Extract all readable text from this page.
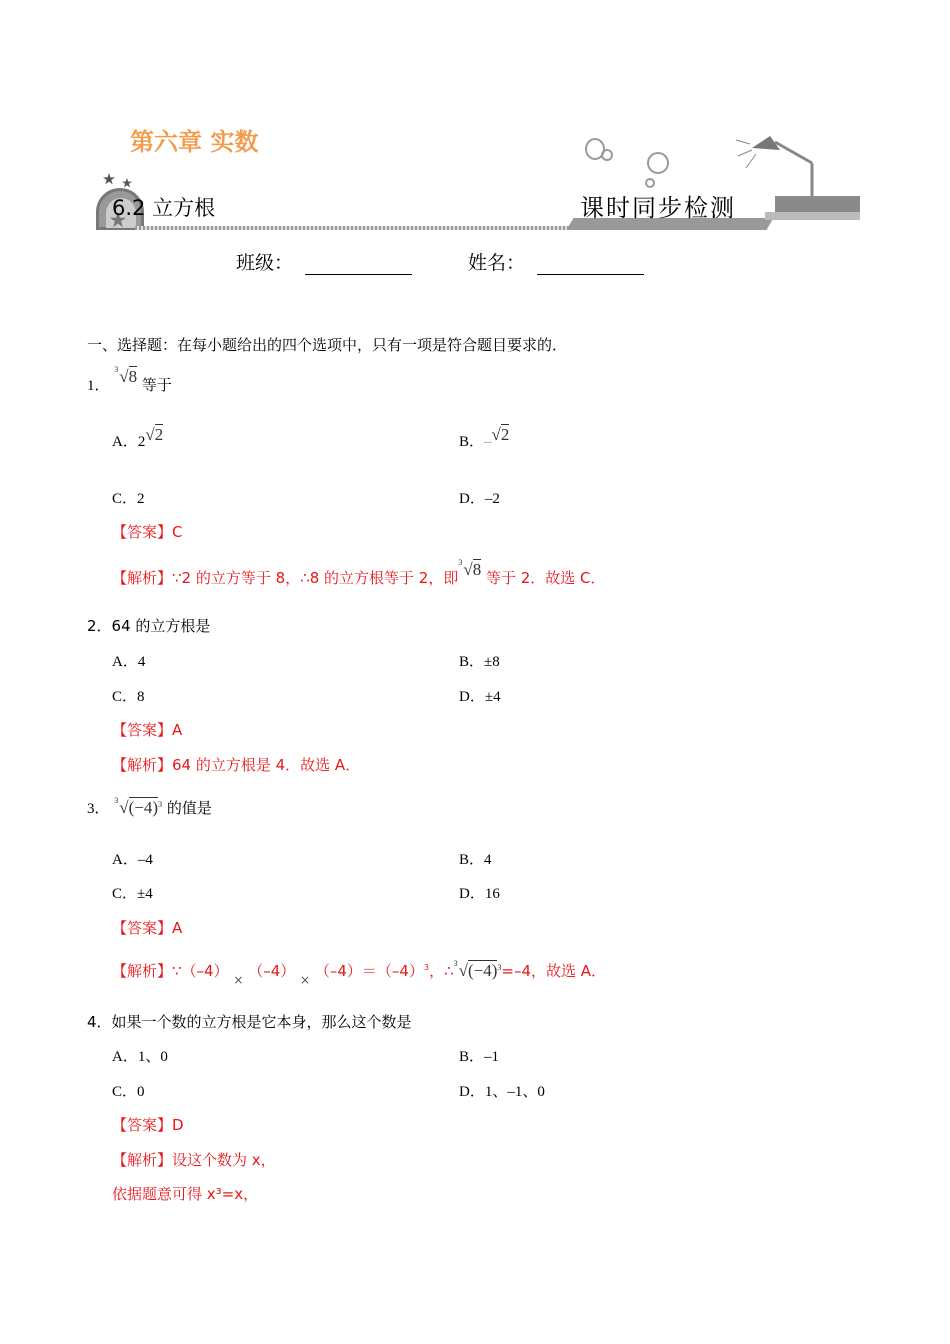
第六章 实数
6.2 立方根	课时同步检测
班级：	姓名：
一、选择题：在每小题给出的四个选项中，只有一项是符合题目要求的．
1． 3√8 等于
A．2√2	B．–√2
C．2	D．–2
【答案】C
【解析】∵2 的立方等于 8，∴8 的立方根等于 2，即3√8 等于 2．故选 C．
2．64 的立方根是
A．4	B．±8
C．8	D．±4
【答案】A
【解析】64 的立方根是 4．故选 A．
3． $3√(-4)^3$ 的值是
A．–4	B．4
C．±4	D．16
【答案】A
【解析】∵（–4） $_\times$ （–4） $_\times$ $(-4)=(-4)^3$，$\therefore 3√(-4)^3=-4$，故选 A．
4．如果一个数的立方根是它本身，那么这个数是
A．1、0	B．–1
C．0	D．1、–1、0
【答案】D
【解析】设这个数为 x，
依据题意可得 x³=x，
